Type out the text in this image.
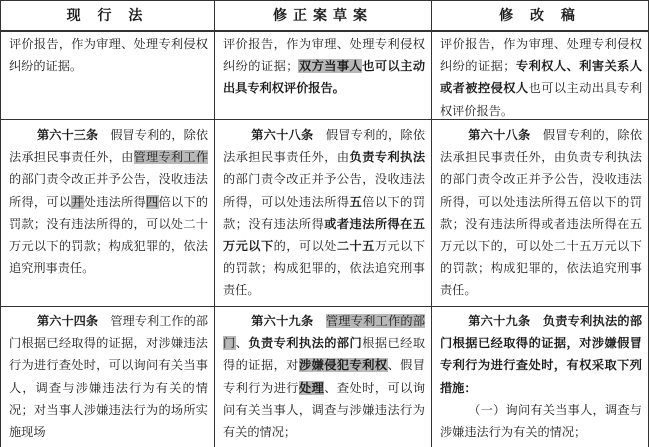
现 行 法	修正案草案	修 改 稿

评价报告，作为审理、处理专利侵权纠纷的证据。

评价报告，作为审理、处理专利侵权纠纷的证据；双方当事人也可以主动出具专利权评价报告。

评价报告，作为审理、处理专利侵权纠纷的证据；专利权人、利害关系人或者被控侵权人也可以主动出具专利权评价报告。

第六十三条　假冒专利的，除依法承担民事责任外，由管理专利工作的部门责令改正并予公告，没收违法所得，可以并处违法所得四倍以下的罚款；没有违法所得的，可以处二十万元以下的罚款；构成犯罪的，依法追究刑事责任。

第六十八条　假冒专利的，除依法承担民事责任外，由负责专利执法的部门责令改正并予公告，没收违法所得，可以处违法所得五倍以下的罚款；没有违法所得或者违法所得在五万元以下的，可以处二十五万元以下的罚款；构成犯罪的，依法追究刑事责任。

第六十八条　假冒专利的，除依法承担民事责任外，由负责专利执法的部门责令改正并予公告，没收违法所得，可以处违法所得五倍以下的罚款；没有违法所得或者违法所得在五万元以下的，可以处二十五万元以下的罚款；构成犯罪的，依法追究刑事责任。

第六十四条　管理专利工作的部门根据已经取得的证据，对涉嫌违法行为进行查处时，可以询问有关当事人，调查与涉嫌违法行为有关的情况；对当事人涉嫌违法行为的场所实施现场

第六十九条　 管理专利工作的部门、负责专利执法的部门根据已经取得的证据，对涉嫌侵犯专利权、假冒专利行为进行处理、查处时，可以询问有关当事人，调查与涉嫌违法行为有关的情况；

第六十九条　 负责专利执法的部门根据已经取得的证据，对涉嫌假冒专利行为进行查处时，有权采取下列措施：
（一）询问有关当事人，调查与涉嫌违法行为有关的情况；
